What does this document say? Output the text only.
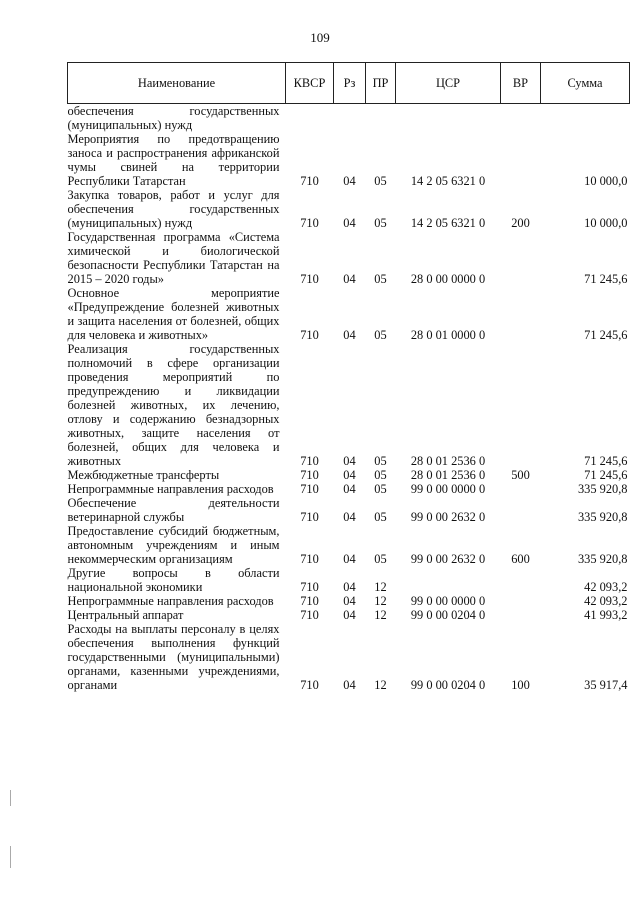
109
Наименование	КВСР	Рз	ПР	ЦСР	ВР	Сумма
обеспечения государственных (муниципальных) нужд						
Мероприятия по предотвращению заноса и распространения африканской чумы свиней на территории Республики Татарстан	710	04	05	14 2 05 6321 0		10 000,0
Закупка товаров, работ и услуг для обеспечения государственных (муниципальных) нужд	710	04	05	14 2 05 6321 0	200	10 000,0
Государственная программа «Система химической и биологической безопасности Республики Татарстан на 2015 – 2020 годы»	710	04	05	28 0 00 0000 0		71 245,6
Основное мероприятие «Предупреждение болезней животных и защита населения от болезней, общих для человека и животных»	710	04	05	28 0 01 0000 0		71 245,6
Реализация государственных полномочий в сфере организации проведения мероприятий по предупреждению и ликвидации болезней животных, их лечению, отлову и содержанию безнадзорных животных, защите населения от болезней, общих для человека и животных	710	04	05	28 0 01 2536 0		71 245,6
Межбюджетные трансферты	710	04	05	28 0 01 2536 0	500	71 245,6
Непрограммные направления расходов	710	04	05	99 0 00 0000 0		335 920,8
Обеспечение деятельности ветеринарной службы	710	04	05	99 0 00 2632 0		335 920,8
Предоставление субсидий бюджетным, автономным учреждениям и иным некоммерческим организациям	710	04	05	99 0 00 2632 0	600	335 920,8
Другие вопросы в области национальной экономики	710	04	12			42 093,2
Непрограммные направления расходов	710	04	12	99 0 00 0000 0		42 093,2
Центральный аппарат	710	04	12	99 0 00 0204 0		41 993,2
Расходы на выплаты персоналу в целях обеспечения выполнения функций государственными (муниципальными) органами, казенными учреждениями, органами	710	04	12	99 0 00 0204 0	100	35 917,4
